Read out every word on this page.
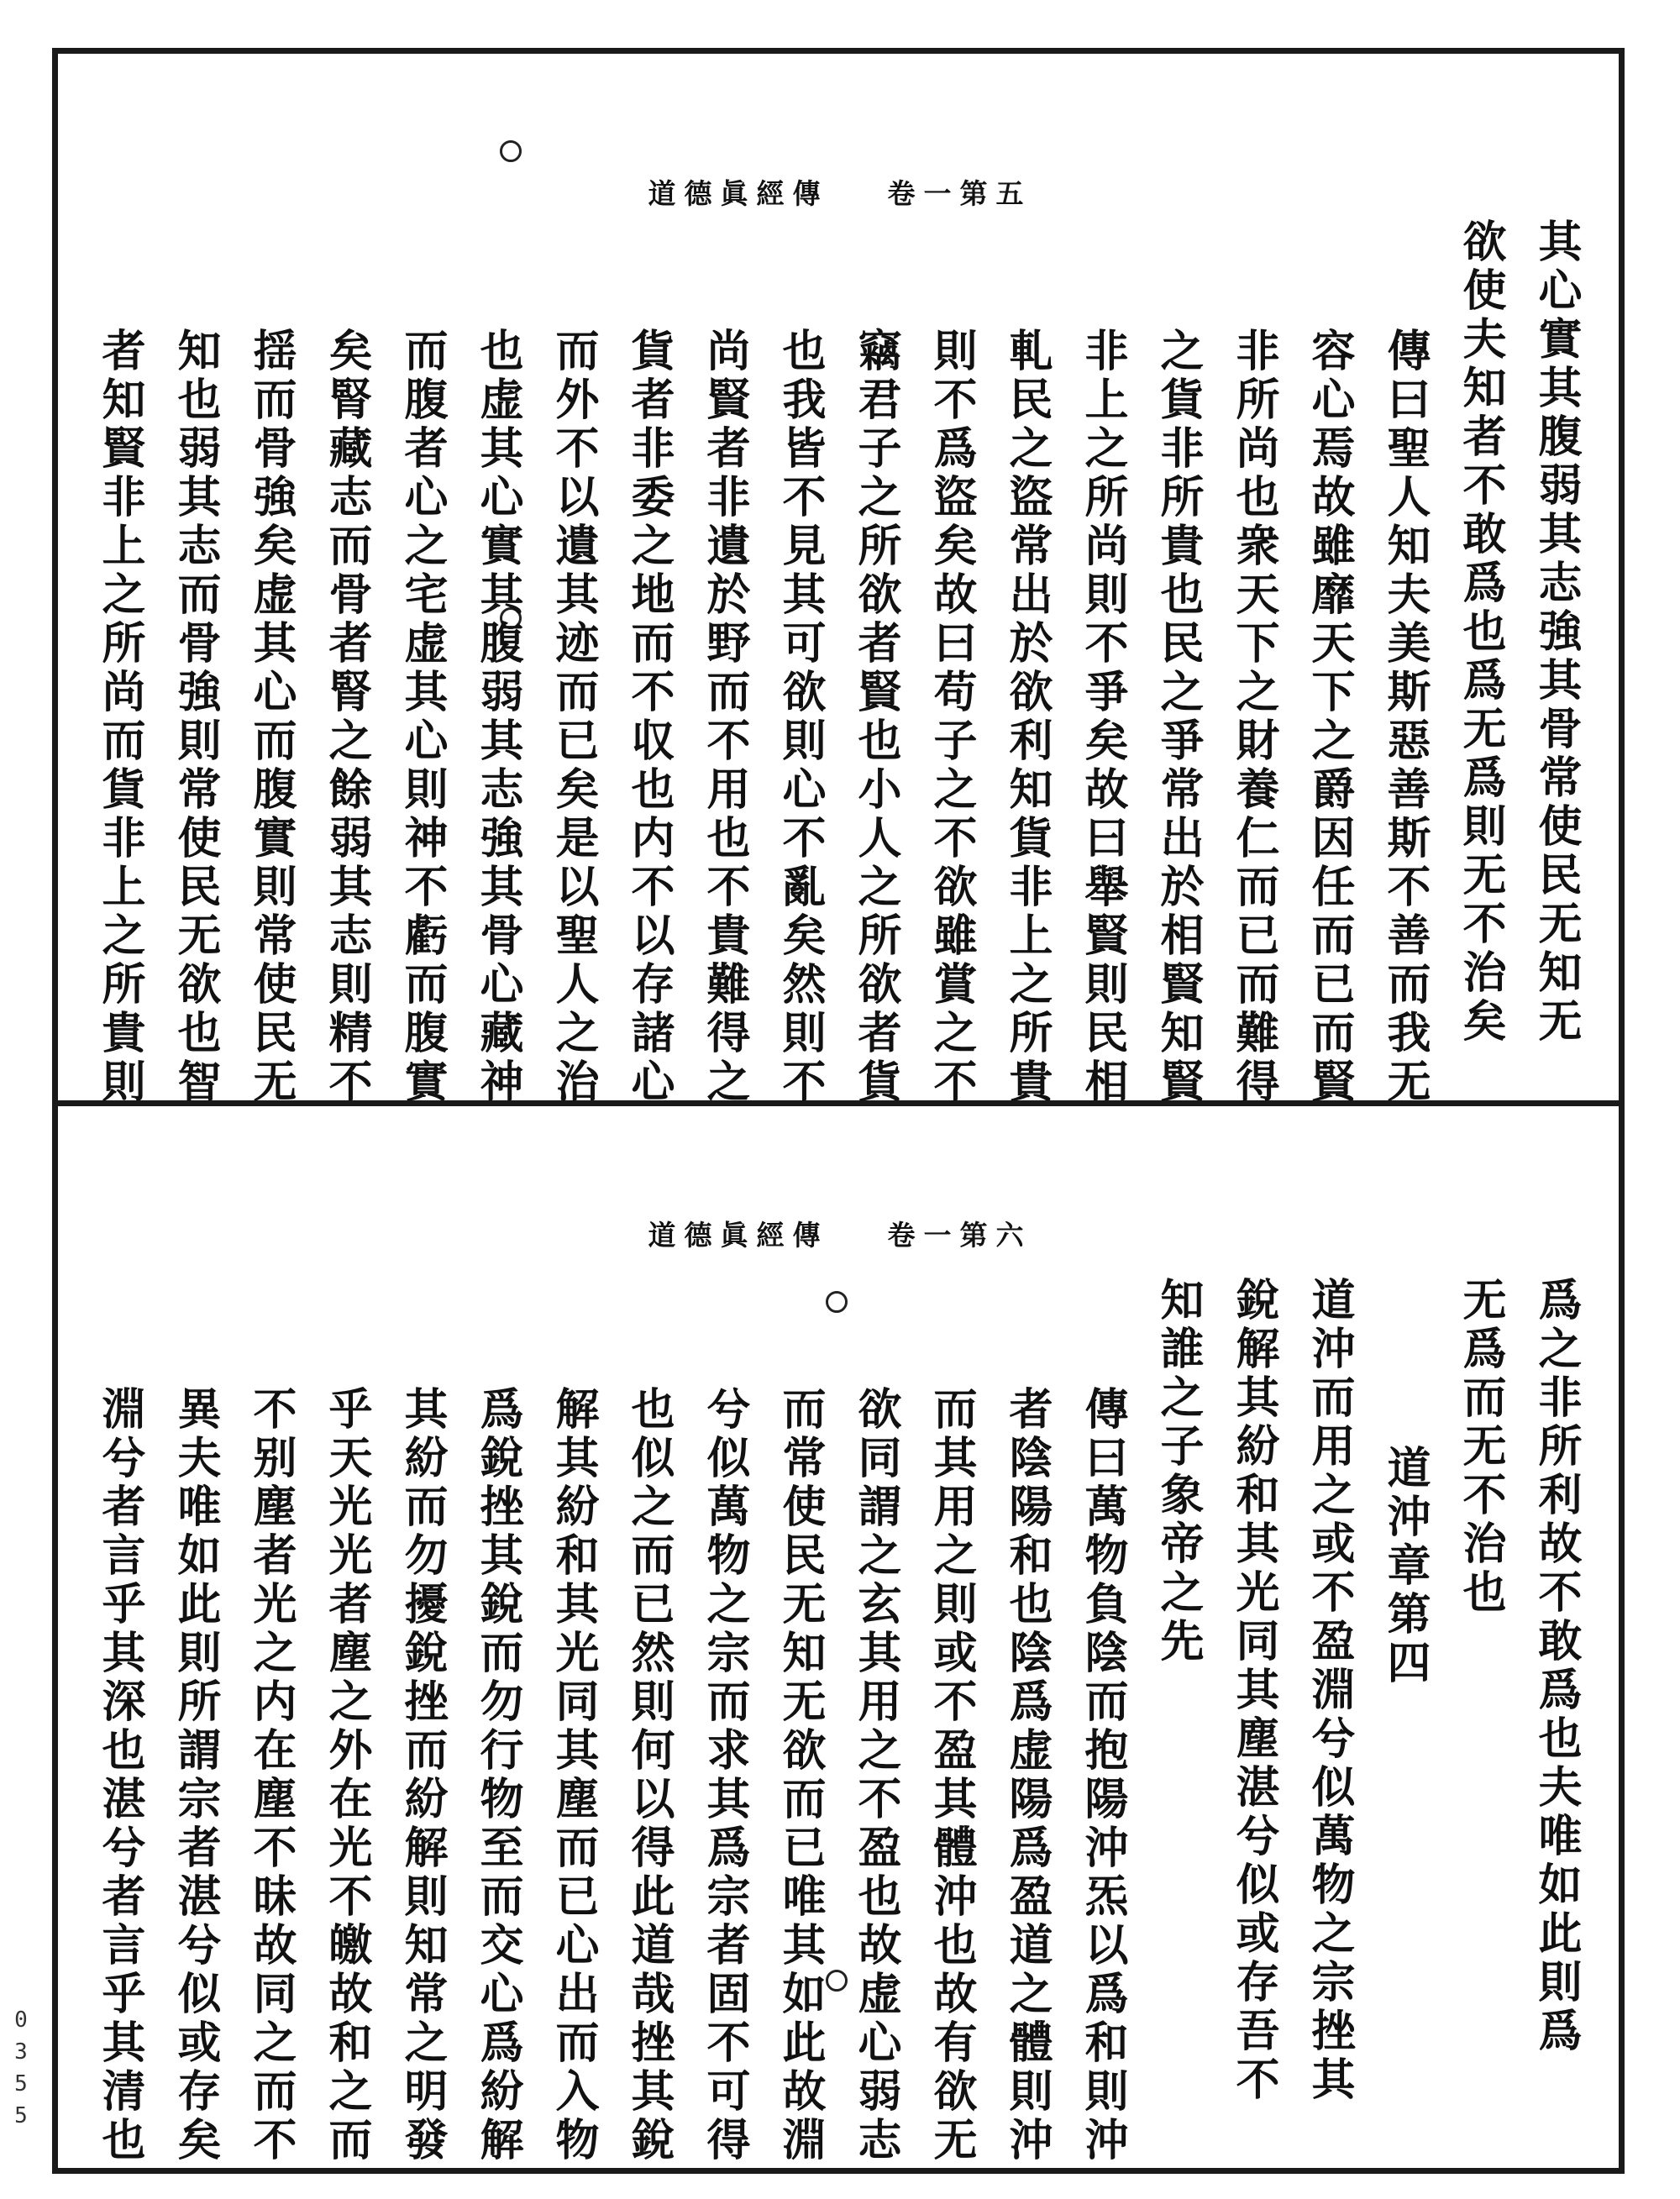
道德眞經傳 卷一第五
其心實其腹弱其志強其骨常使民无知无
欲使夫知者不敢爲也爲无爲則无不治矣
傳曰聖人知夫美斯惡善斯不善而我无
容心焉故雖靡天下之爵因任而已而賢
非所尚也衆天下之財養仁而已而難得
之貨非所貴也民之爭常出於相賢知賢
非上之所尚則不爭矣故曰舉賢則民相
軋民之盜常出於欲利知貨非上之所貴
則不爲盜矣故曰苟子之不欲雖賞之不
竊君子之所欲者賢也小人之所欲者貨
也我皆不見其可欲則心不亂矣然則不
尚賢者非遺於野而不用也不貴難得之
貨者非委之地而不収也内不以存諸心
而外不以遺其迹而已矣是以聖人之治
也虚其心實其腹弱其志強其骨心藏神
而腹者心之宅虚其心則神不虧而腹實
矣腎藏志而骨者腎之餘弱其志則精不
揺而骨強矣虚其心而腹實則常使民无
知也弱其志而骨強則常使民无欲也智
者知賢非上之所尚而貨非上之所貴則
道德眞經傳 卷一第六
爲之非所利故不敢爲也夫唯如此則爲
无爲而无不治也
道沖章第四
道沖而用之或不盈淵兮似萬物之宗挫其
銳解其紛和其光同其塵湛兮似或存吾不
知誰之子象帝之先
傳曰萬物負陰而抱陽沖炁以爲和則沖
者陰陽和也陰爲虚陽爲盈道之體則沖
而其用之則或不盈其體沖也故有欲无
欲同謂之玄其用之不盈也故虚心弱志
而常使民无知无欲而已唯其如此故淵
兮似萬物之宗而求其爲宗者固不可得
也似之而已然則何以得此道哉挫其銳
解其紛和其光同其塵而已心出而入物
爲銳挫其銳而勿行物至而交心爲紛解
其紛而勿擾銳挫而紛解則知常之明發
乎天光光者塵之外在光不皦故和之而
不别塵者光之内在塵不昧故同之而不
異夫唯如此則所謂宗者湛兮似或存矣
淵兮者言乎其深也湛兮者言乎其清也
0
3
5
5
